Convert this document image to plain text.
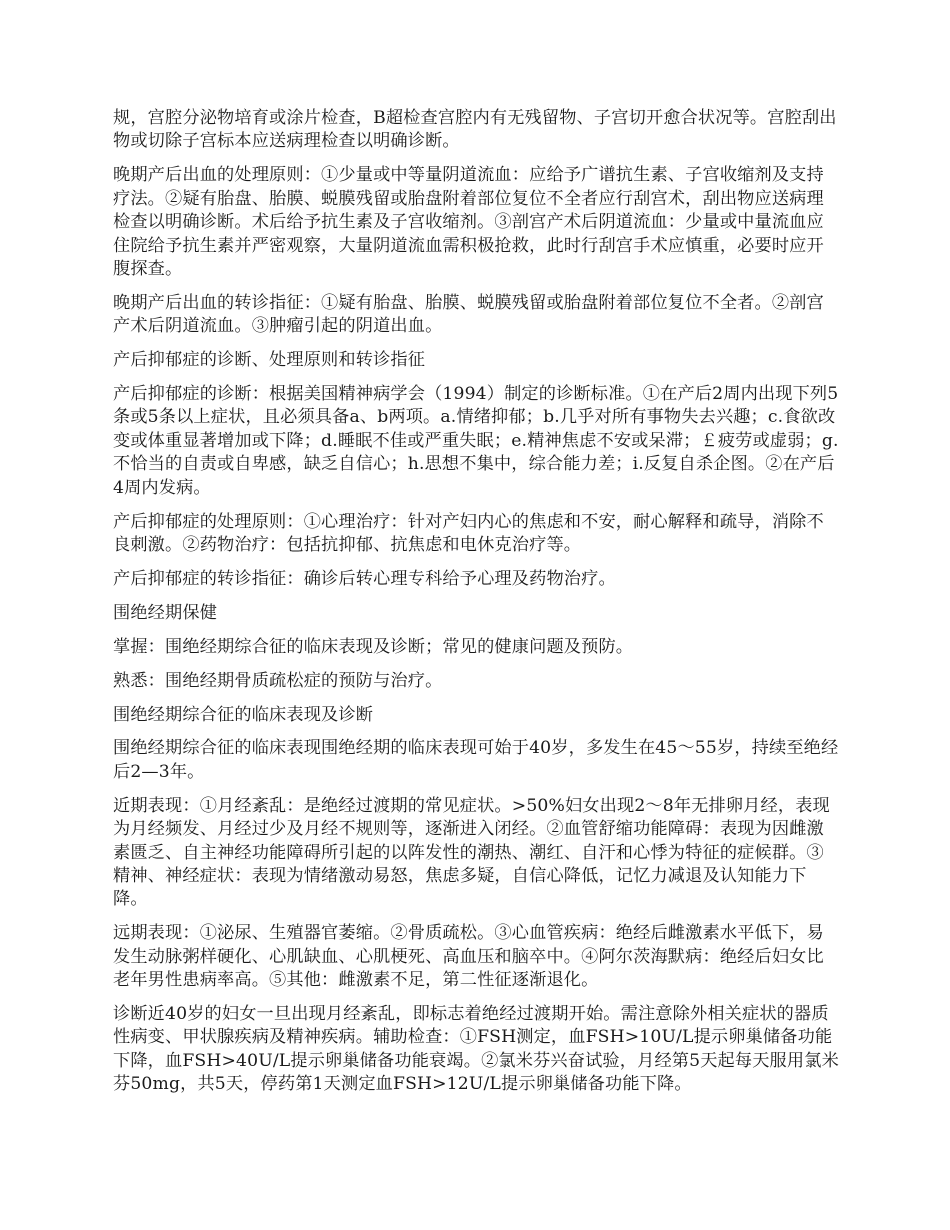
规，宫腔分泌物培育或涂片检查，B超检查宫腔内有无残留物、子宫切开愈合状况等。宫腔刮出物或切除子宫标本应送病理检查以明确诊断。

晚期产后出血的处理原则：①少量或中等量阴道流血：应给予广谱抗生素、子宫收缩剂及支持疗法。②疑有胎盘、胎膜、蜕膜残留或胎盘附着部位复位不全者应行刮宫术，刮出物应送病理检查以明确诊断。术后给予抗生素及子宫收缩剂。③剖宫产术后阴道流血：少量或中量流血应住院给予抗生素并严密观察，大量阴道流血需积极抢救，此时行刮宫手术应慎重，必要时应开腹探查。

晚期产后出血的转诊指征：①疑有胎盘、胎膜、蜕膜残留或胎盘附着部位复位不全者。②剖宫产术后阴道流血。③肿瘤引起的阴道出血。

产后抑郁症的诊断、处理原则和转诊指征

产后抑郁症的诊断：根据美国精神病学会（1994）制定的诊断标准。①在产后2周内出现下列5条或5条以上症状，且必须具备a、b两项。a.情绪抑郁；b.几乎对所有事物失去兴趣；c.食欲改变或体重显著增加或下降；d.睡眠不佳或严重失眠；e.精神焦虑不安或呆滞；￡疲劳或虚弱；g.不恰当的自责或自卑感，缺乏自信心；h.思想不集中，综合能力差；i.反复自杀企图。②在产后4周内发病。

产后抑郁症的处理原则：①心理治疗：针对产妇内心的焦虑和不安，耐心解释和疏导，消除不良刺激。②药物治疗：包括抗抑郁、抗焦虑和电休克治疗等。

产后抑郁症的转诊指征：确诊后转心理专科给予心理及药物治疗。

围绝经期保健

掌握：围绝经期综合征的临床表现及诊断；常见的健康问题及预防。

熟悉：围绝经期骨质疏松症的预防与治疗。

围绝经期综合征的临床表现及诊断

围绝经期综合征的临床表现围绝经期的临床表现可始于40岁，多发生在45～55岁，持续至绝经后2—3年。

近期表现：①月经紊乱：是绝经过渡期的常见症状。>50%妇女出现2～8年无排卵月经，表现为月经频发、月经过少及月经不规则等，逐渐进入闭经。②血管舒缩功能障碍：表现为因雌激素匮乏、自主神经功能障碍所引起的以阵发性的潮热、潮红、自汗和心悸为特征的症候群。③精神、神经症状：表现为情绪激动易怒，焦虑多疑，自信心降低，记忆力减退及认知能力下降。

远期表现：①泌尿、生殖器官萎缩。②骨质疏松。③心血管疾病：绝经后雌激素水平低下，易发生动脉粥样硬化、心肌缺血、心肌梗死、高血压和脑卒中。④阿尔茨海默病：绝经后妇女比老年男性患病率高。⑤其他：雌激素不足，第二性征逐渐退化。

诊断近40岁的妇女一旦出现月经紊乱，即标志着绝经过渡期开始。需注意除外相关症状的器质性病变、甲状腺疾病及精神疾病。辅助检查：①FSH测定，血FSH>10U/L提示卵巢储备功能下降，血FSH>40U/L提示卵巢储备功能衰竭。②氯米芬兴奋试验，月经第5天起每天服用氯米芬50mg，共5天，停药第1天测定血FSH>12U/L提示卵巢储备功能下降。
